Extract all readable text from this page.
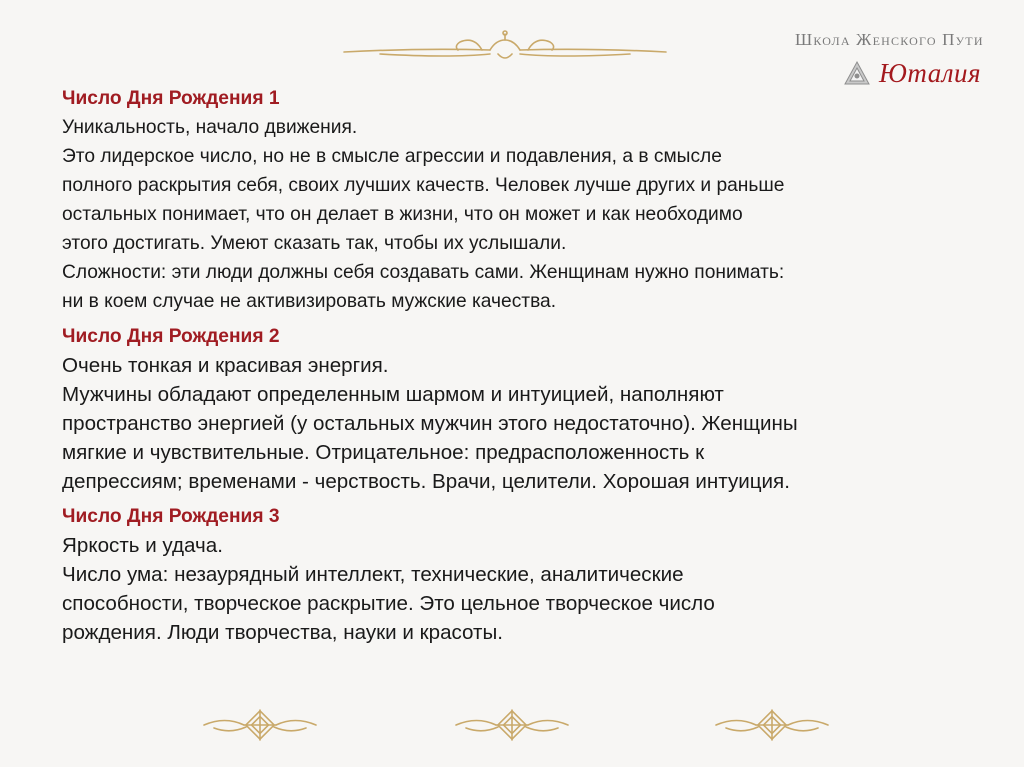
Школа Женского Пути
Юталия
Число Дня Рождения 1
Уникальность, начало движения.
Это лидерское число, но не в смысле агрессии и подавления, а в смысле
полного раскрытия себя, своих лучших качеств. Человек лучше других и раньше
остальных понимает, что он делает в жизни, что он может и как необходимо
этого достигать. Умеют сказать так, чтобы их услышали.
Сложности: эти люди должны себя создавать сами. Женщинам нужно понимать:
ни в коем случае не активизировать мужские качества.
Число Дня Рождения 2
Очень тонкая и красивая энергия.
Мужчины обладают определенным шармом и интуицией, наполняют
пространство энергией (у остальных мужчин этого недостаточно). Женщины
мягкие и чувствительные. Отрицательное: предрасположенность к
депрессиям; временами - черствость. Врачи, целители. Хорошая интуиция.
Число Дня Рождения 3
Яркость и удача.
Число ума: незаурядный интеллект, технические, аналитические
способности, творческое раскрытие. Это цельное творческое число
рождения. Люди творчества, науки и красоты.
